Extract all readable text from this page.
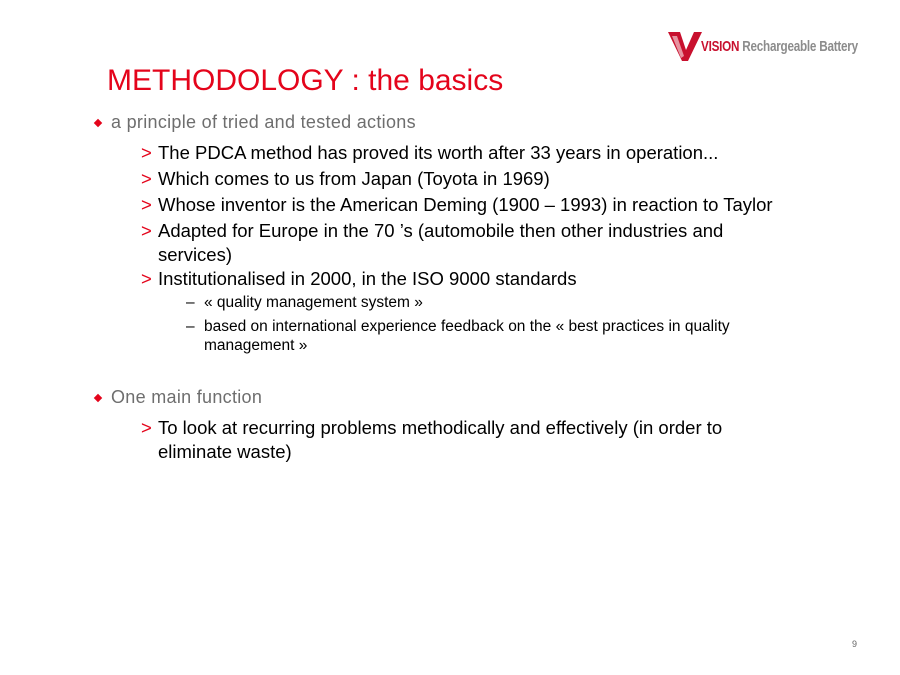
VISION Rechargeable Battery
METHODOLOGY : the basics
a principle of tried and tested actions
> The PDCA method has proved its worth after 33 years in operation...
> Which comes to us from Japan (Toyota in 1969)
> Whose inventor is the American Deming (1900 – 1993) in reaction to Taylor
> Adapted for Europe in the 70 ’s (automobile then other industries and services)
> Institutionalised in 2000, in the ISO 9000 standards
– « quality management system »
– based on international experience feedback on the « best practices in quality management »
One main function
> To look at recurring problems methodically and effectively (in order to eliminate waste)
9
